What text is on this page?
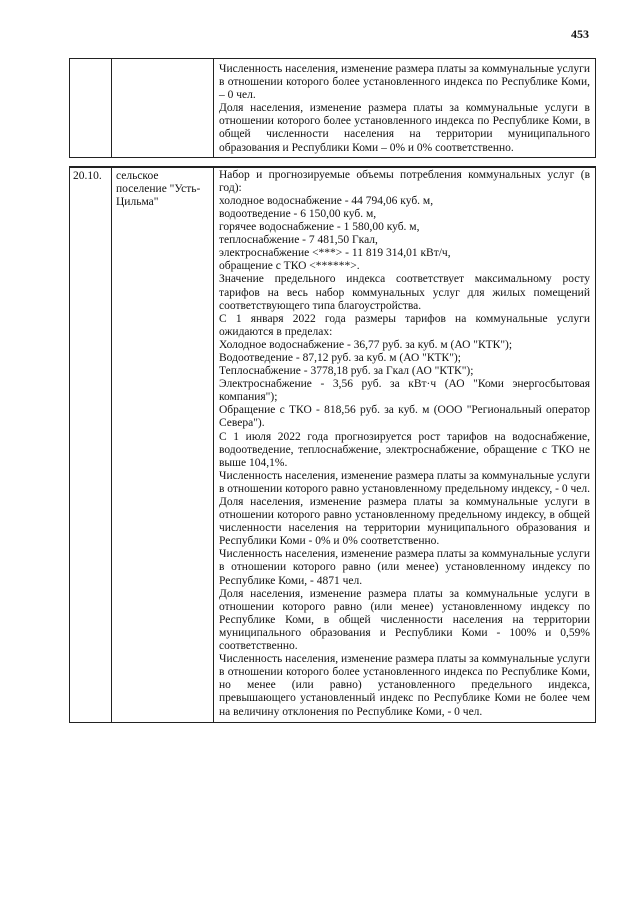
453

Численность населения, изменение размера платы за коммунальные услуги в отношении которого более установленного индекса по Республике Коми, – 0 чел.

Доля населения, изменение размера платы за коммунальные услуги в отношении которого более установленного индекса по Республике Коми, в общей численности населения на территории муниципального образования и Республики Коми – 0% и 0% соответственно.

20.10.	сельское поселение "Усть-Цильма"

Набор и прогнозируемые объемы потребления коммунальных услуг (в год):

холодное водоснабжение - 44 794,06 куб. м,

водоотведение - 6 150,00 куб. м,

горячее водоснабжение - 1 580,00 куб. м,

теплоснабжение - 7 481,50 Гкал,

электроснабжение <***> - 11 819 314,01 кВт/ч,

обращение с ТКО <******>.

Значение предельного индекса соответствует максимальному росту тарифов на весь набор коммунальных услуг для жилых помещений соответствующего типа благоустройства.

С 1 января 2022 года размеры тарифов на коммунальные услуги ожидаются в пределах:

Холодное водоснабжение - 36,77 руб. за куб. м (АО "КТК");

Водоотведение - 87,12 руб. за куб. м (АО "КТК");

Теплоснабжение - 3778,18 руб. за Гкал (АО "КТК");

Электроснабжение - 3,56 руб. за кВт·ч (АО "Коми энергосбытовая компания");

Обращение с ТКО - 818,56 руб. за куб. м (ООО "Региональный оператор Севера").

С 1 июля 2022 года прогнозируется рост тарифов на водоснабжение, водоотведение, теплоснабжение, электроснабжение, обращение с ТКО не выше 104,1%.

Численность населения, изменение размера платы за коммунальные услуги в отношении которого равно установленному предельному индексу, - 0 чел.

Доля населения, изменение размера платы за коммунальные услуги в отношении которого равно установленному предельному индексу, в общей численности населения на территории муниципального образования и Республики Коми - 0% и 0% соответственно.

Численность населения, изменение размера платы за коммунальные услуги в отношении которого равно (или менее) установленному индексу по Республике Коми, - 4871 чел.

Доля населения, изменение размера платы за коммунальные услуги в отношении которого равно (или менее) установленному индексу по Республике Коми, в общей численности населения на территории муниципального образования и Республики Коми - 100% и 0,59% соответственно.

Численность населения, изменение размера платы за коммунальные услуги в отношении которого более установленного индекса по Республике Коми, но менее (или равно) установленного предельного индекса, превышающего установленный индекс по Республике Коми не более чем на величину отклонения по Республике Коми, - 0 чел.
